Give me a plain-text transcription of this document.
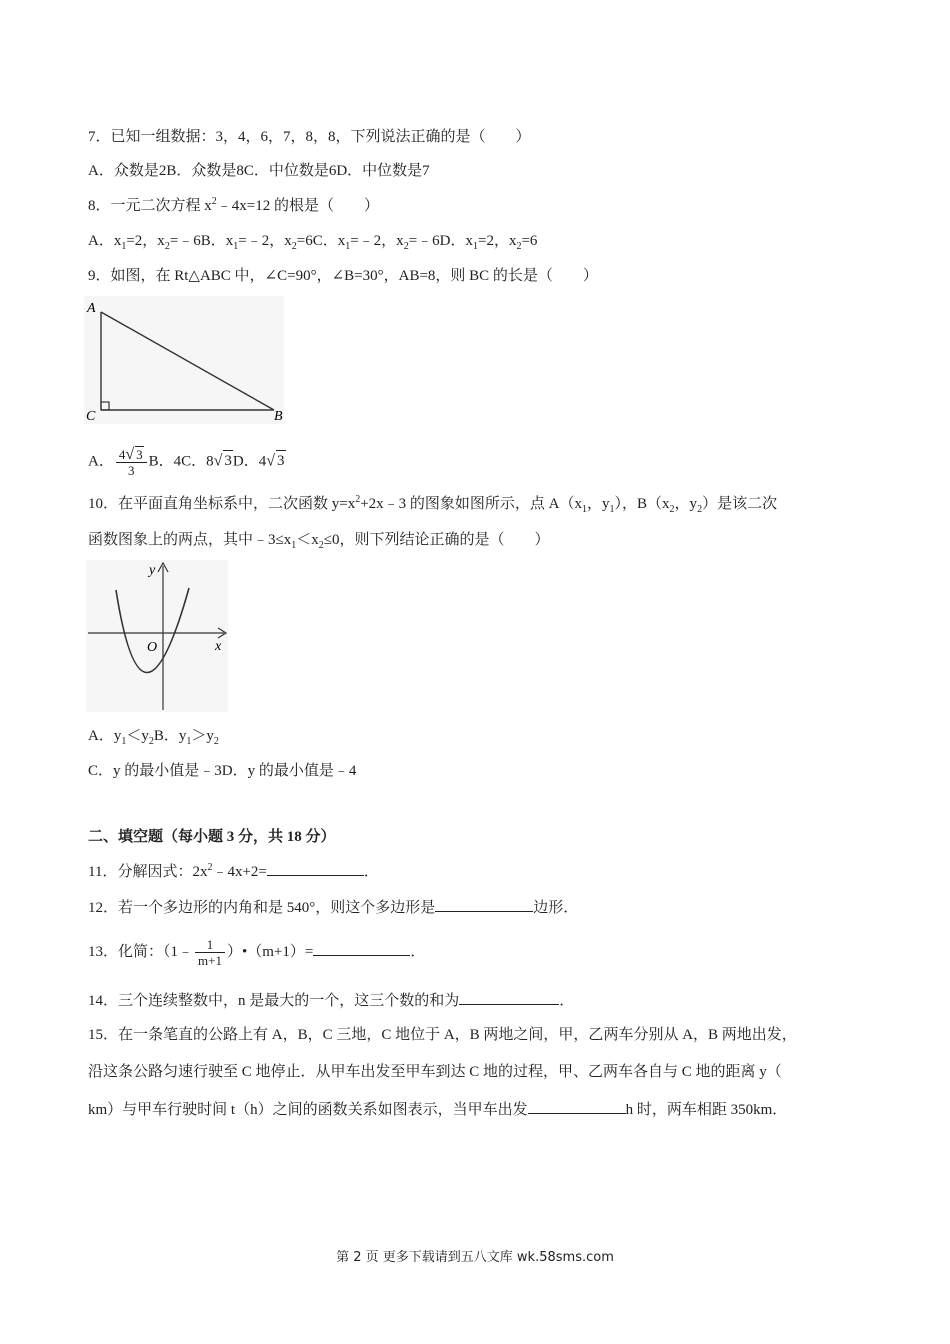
7．已知一组数据：3，4，6，7，8，8，下列说法正确的是（　　）
A．众数是2B．众数是8C．中位数是6D．中位数是7
8．一元二次方程 $x^2﹣4x=12$ 的根是（　　）
A．$x_1=2$，$x_2=﹣6B$．$x_1=﹣2$，$x_2=6C$．$x_1=﹣2$，$x_2=﹣6D$．$x_1=2$，$x_2=6$
9．如图，在 Rt△ABC 中，∠C=90°，∠B=30°，AB=8，则 BC 的长是（　　）
A
C	B
A． $\frac{4√ 3}{3}$ B．4C．8√ 3D．4√ 3
10．在平面直角坐标系中，二次函数 $y=x^2+2x﹣3$ 的图象如图所示，点 $A(x_1$，$y_1$），$B(x_2$，$y_2$）是该二次
函数图象上的两点，其中$﹣3\le x_1<x_2\le 0$，则下列结论正确的是（　　）
y
x
O
A．$y_1<y_2B$．$y_1>y_2$
C．y 的最小值是﹣3D．y 的最小值是﹣4
二、填空题（每小题 3 分，共 18 分）
11．分解因式：$2x^2﹣4x+2=$	．
12．若一个多边形的内角和是 540°，则这个多边形是	边形．
13．化简：（1﹣ $\frac{1}{m+1}$ ）•（m+1）=	．
14．三个连续整数中，n 是最大的一个，这三个数的和为	．
15．在一条笔直的公路上有 A，B，C 三地，C 地位于 A，B 两地之间，甲，乙两车分别从 A，B 两地出发，
沿这条公路匀速行驶至 C 地停止．从甲车出发至甲车到达 C 地的过程，甲、乙两车各自与 C 地的距离 y（
km）与甲车行驶时间 t（h）之间的函数关系如图表示，当甲车出发	h 时，两车相距 350km．
第 2 页 更多下载请到五八文库 wk.58sms.com
